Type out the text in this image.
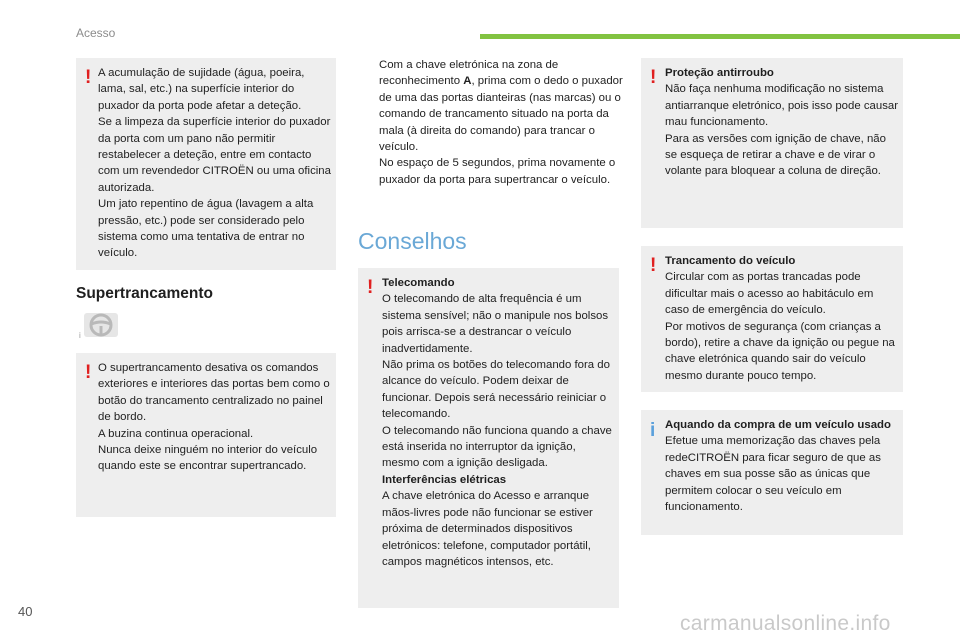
Acesso
! A acumulação de sujidade (água, poeira, lama, sal, etc.) na superfície interior do puxador da porta pode afetar a deteção.

Se a limpeza da superfície interior do puxador da porta com um pano não permitir restabelecer a deteção, entre em contacto com um revendedor CITROËN ou uma oficina autorizada.

Um jato repentino de água (lavagem a alta pressão, etc.) pode ser considerado pelo sistema como uma tentativa de entrar no veículo.

Supertrancamento
i
! O supertrancamento desativa os comandos exteriores e interiores das portas bem como o botão do trancamento centralizado no painel de bordo.

A buzina continua operacional.

Nunca deixe ninguém no interior do veículo quando este se encontrar supertrancado.

Com a chave eletrónica na zona de reconhecimento A, prima com o dedo o puxador de uma das portas dianteiras (nas marcas) ou o comando de trancamento situado na porta da mala (à direita do comando) para trancar o veículo.

No espaço de 5 segundos, prima novamente o puxador da porta para supertrancar o veículo.

Conselhos
! Telecomando

O telecomando de alta frequência é um sistema sensível; não o manipule nos bolsos pois arrisca-se a destrancar o veículo inadvertidamente.

Não prima os botões do telecomando fora do alcance do veículo. Podem deixar de funcionar. Depois será necessário reiniciar o telecomando.

O telecomando não funciona quando a chave está inserida no interruptor da ignição, mesmo com a ignição desligada.

Interferências elétricas

A chave eletrónica do Acesso e arranque mãos-livres pode não funcionar se estiver próxima de determinados dispositivos eletrónicos: telefone, computador portátil, campos magnéticos intensos, etc.

! Proteção antirroubo

Não faça nenhuma modificação no sistema antiarranque eletrónico, pois isso pode causar mau funcionamento.

Para as versões com ignição de chave, não se esqueça de retirar a chave e de virar o volante para bloquear a coluna de direção.

! Trancamento do veículo

Circular com as portas trancadas pode dificultar mais o acesso ao habitáculo em caso de emergência do veículo.

Por motivos de segurança (com crianças a bordo), retire a chave da ignição ou pegue na chave eletrónica quando sair do veículo mesmo durante pouco tempo.

i Aquando da compra de um veículo usado

Efetue uma memorização das chaves pela redeCITROËN para ficar seguro de que as chaves em sua posse são as únicas que permitem colocar o seu veículo em funcionamento.

40
carmanualsonline.info
